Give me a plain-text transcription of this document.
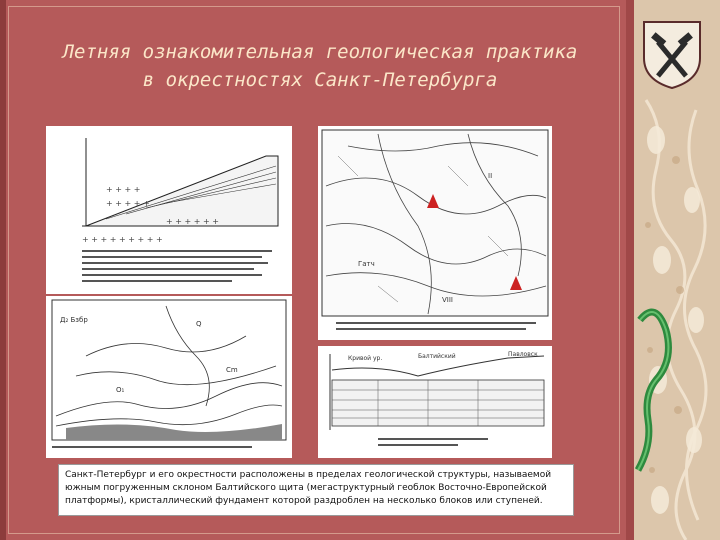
Летняя ознакомительная геологическая практика
в окрестностях Санкт-Петербурга
+ + + +
+ + + + +
+ + + + + +
+ + + + + + + + +
Д₂ Бзбр	Q
O₁
Cm
II
VIII
Гатч
Кривой ур.	Балтийский	Павловск
Санкт-Петербург и его окрестности расположены в пределах геологической структуры, называемой южным погруженным склоном Балтийского щита (мегаструктурный геоблок Восточно-Европейской платформы), кристаллический фундамент которой раздроблен на несколько блоков или ступеней.
